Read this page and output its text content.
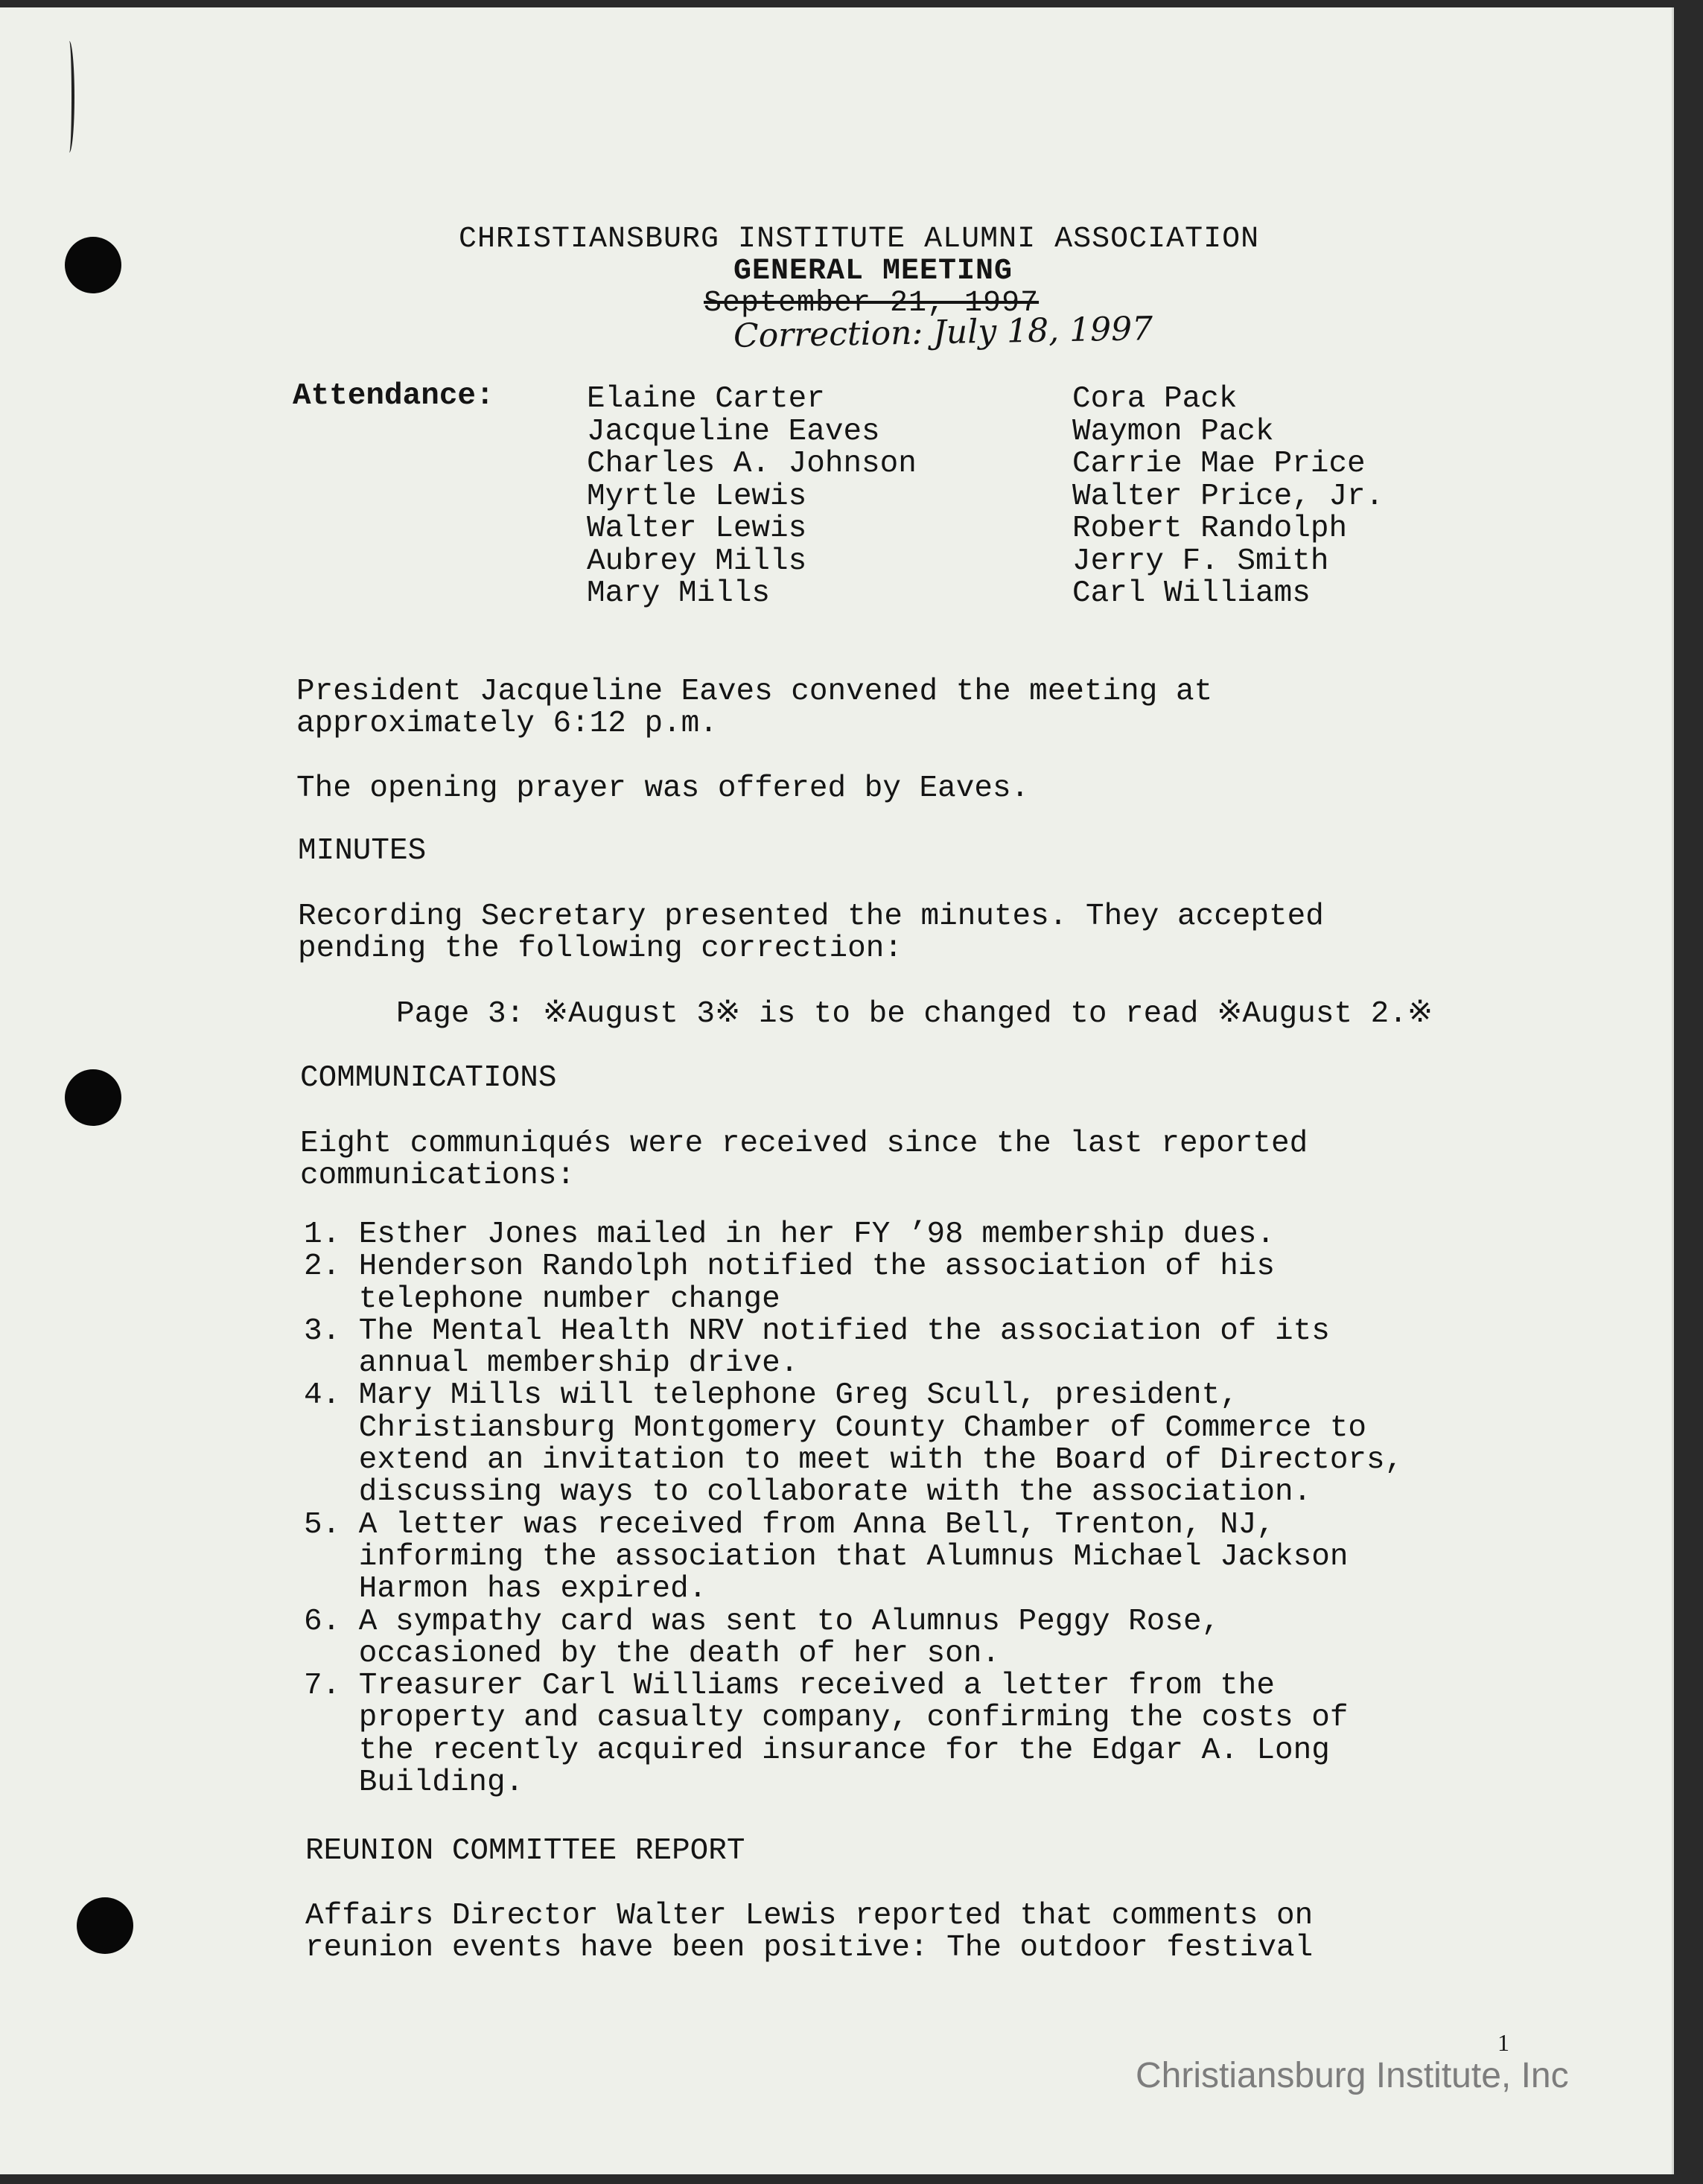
CHRISTIANSBURG INSTITUTE ALUMNI ASSOCIATION
GENERAL MEETING
September 21, 1997
Correction: July 18, 1997
Attendance:	Elaine Carter
Jacqueline Eaves
Charles A. Johnson
Myrtle Lewis
Walter Lewis
Aubrey Mills
Mary Mills
Cora Pack
Waymon Pack
Carrie Mae Price
Walter Price, Jr.
Robert Randolph
Jerry F. Smith
Carl Williams
President Jacqueline Eaves convened the meeting at
approximately 6:12 p.m.
The opening prayer was offered by Eaves.
MINUTES
Recording Secretary presented the minutes. They accepted
pending the following correction:
Page 3: ※August 3※ is to be changed to read ※August 2.※
COMMUNICATIONS
Eight communiqués were received since the last reported
communications:
1. Esther Jones mailed in her FY ’98 membership dues.
2. Henderson Randolph notified the association of his
telephone number change
3. The Mental Health NRV notified the association of its
annual membership drive.
4. Mary Mills will telephone Greg Scull, president,
Christiansburg Montgomery County Chamber of Commerce to
extend an invitation to meet with the Board of Directors,
discussing ways to collaborate with the association.
5. A letter was received from Anna Bell, Trenton, NJ,
informing the association that Alumnus Michael Jackson
Harmon has expired.
6. A sympathy card was sent to Alumnus Peggy Rose,
occasioned by the death of her son.
7. Treasurer Carl Williams received a letter from the
property and casualty company, confirming the costs of
the recently acquired insurance for the Edgar A. Long
Building.
REUNION COMMITTEE REPORT
Affairs Director Walter Lewis reported that comments on
reunion events have been positive: The outdoor festival
1
Christiansburg Institute, Inc
